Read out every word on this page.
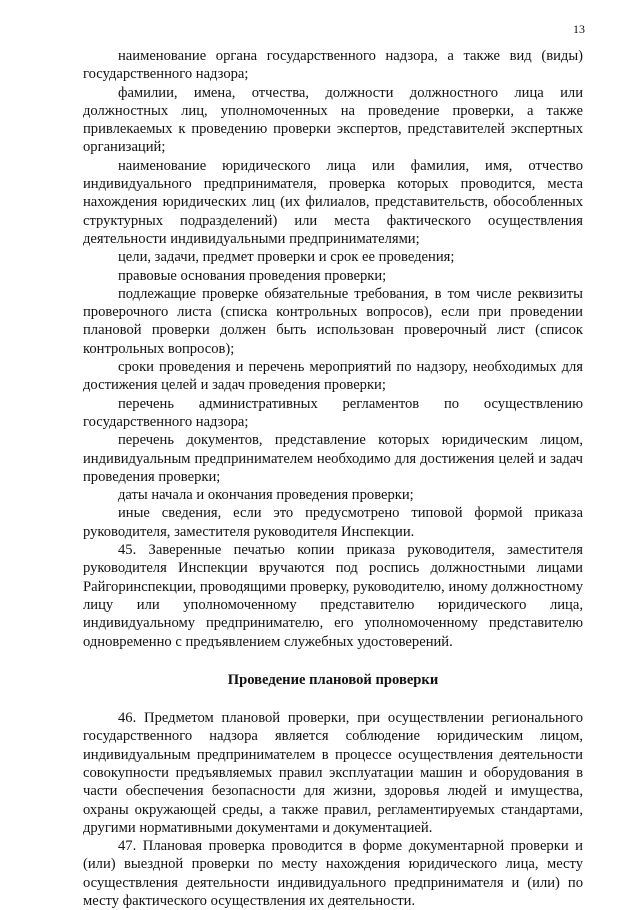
13

наименование органа государственного надзора, а также вид (виды) государственного надзора;

фамилии, имена, отчества, должности должностного лица или должностных лиц, уполномоченных на проведение проверки, а также привлекаемых к проведению проверки экспертов, представителей экспертных организаций;

наименование юридического лица или фамилия, имя, отчество индивидуального предпринимателя, проверка которых проводится, места нахождения юридических лиц (их филиалов, представительств, обособленных структурных подразделений) или места фактического осуществления деятельности индивидуальными предпринимателями;

цели, задачи, предмет проверки и срок ее проведения;

правовые основания проведения проверки;

подлежащие проверке обязательные требования, в том числе реквизиты проверочного листа (списка контрольных вопросов), если при проведении плановой проверки должен быть использован проверочный лист (список контрольных вопросов);

сроки проведения и перечень мероприятий по надзору, необходимых для достижения целей и задач проведения проверки;

перечень административных регламентов по осуществлению государственного надзора;

перечень документов, представление которых юридическим лицом, индивидуальным предпринимателем необходимо для достижения целей и задач проведения проверки;

даты начала и окончания проведения проверки;

иные сведения, если это предусмотрено типовой формой приказа руководителя, заместителя руководителя Инспекции.

45. Заверенные печатью копии приказа руководителя, заместителя руководителя Инспекции вручаются под роспись должностными лицами Райгоринспекции, проводящими проверку, руководителю, иному должностному лицу или уполномоченному представителю юридического лица, индивидуальному предпринимателю, его уполномоченному представителю одновременно с предъявлением служебных удостоверений.

Проведение плановой проверки

46. Предметом плановой проверки, при осуществлении регионального государственного надзора является соблюдение юридическим лицом, индивидуальным предпринимателем в процессе осуществления деятельности совокупности предъявляемых правил эксплуатации машин и оборудования в части обеспечения безопасности для жизни, здоровья людей и имущества, охраны окружающей среды, а также правил, регламентируемых стандартами, другими нормативными документами и документацией.

47. Плановая проверка проводится в форме документарной проверки и (или) выездной проверки по месту нахождения юридического лица, месту осуществления деятельности индивидуального предпринимателя и (или) по месту фактического осуществления их деятельности.
